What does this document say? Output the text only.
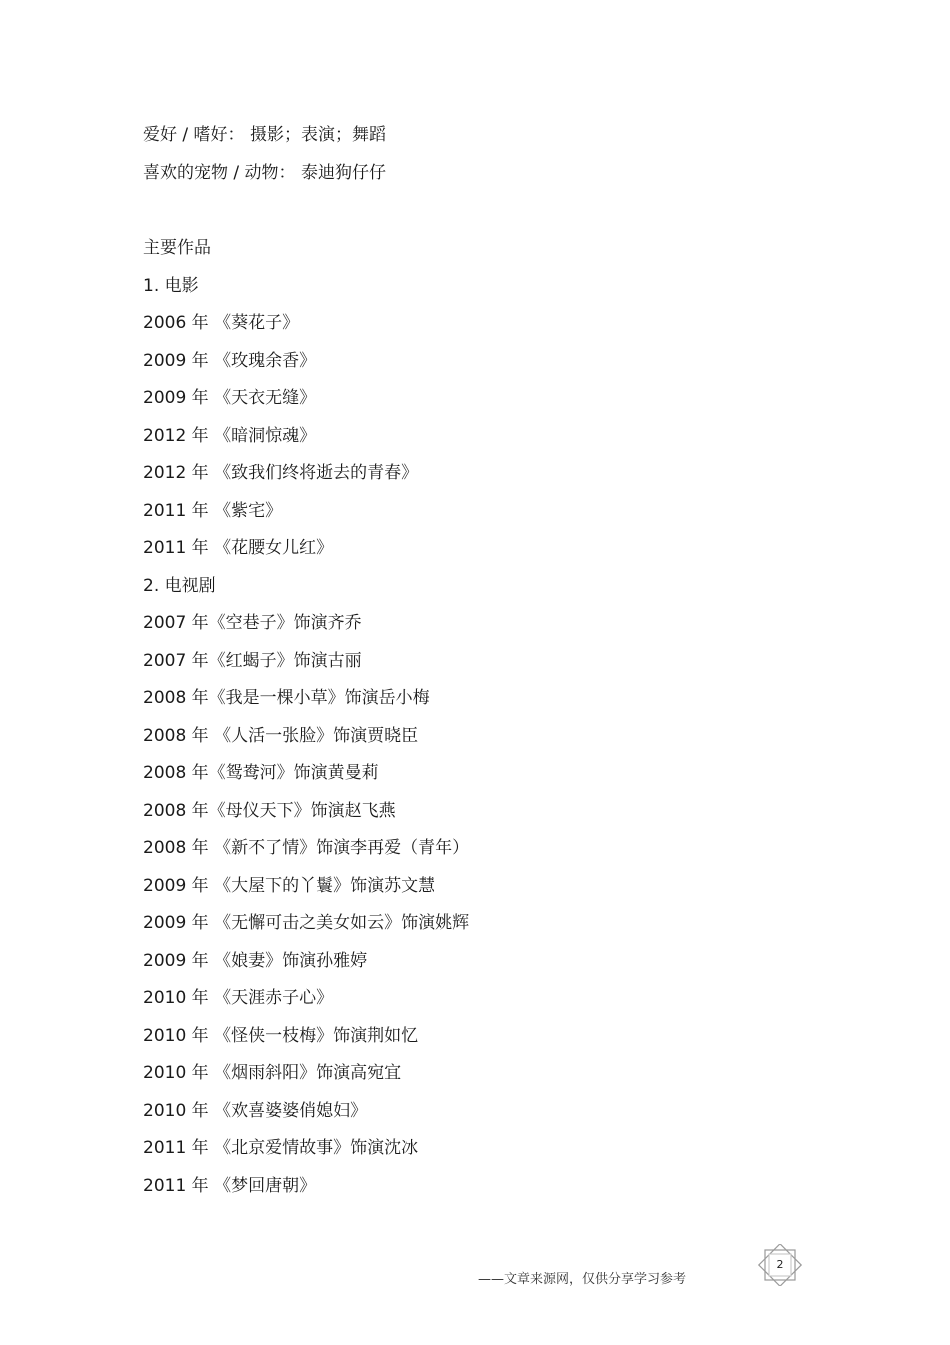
爱好 / 嗜好： 摄影；表演；舞蹈
喜欢的宠物 / 动物： 泰迪狗仔仔
主要作品
1. 电影
2006 年 《葵花子》
2009 年 《玫瑰余香》
2009 年 《天衣无缝》
2012 年 《暗洞惊魂》
2012 年 《致我们终将逝去的青春》
2011 年 《紫宅》
2011 年 《花腰女儿红》
2. 电视剧
2007 年《空巷子》饰演齐乔
2007 年《红蝎子》饰演古丽
2008 年《我是一棵小草》饰演岳小梅
2008 年 《人活一张脸》饰演贾晓臣
2008 年《鸳鸯河》饰演黄曼莉
2008 年《母仪天下》饰演赵飞燕
2008 年 《新不了情》饰演李再爱（青年）
2009 年 《大屋下的丫鬟》饰演苏文慧
2009 年 《无懈可击之美女如云》饰演姚辉
2009 年 《娘妻》饰演孙雅婷
2010 年 《天涯赤子心》
2010 年 《怪侠一枝梅》饰演荆如忆
2010 年 《烟雨斜阳》饰演高宛宜
2010 年 《欢喜婆婆俏媳妇》
2011 年 《北京爱情故事》饰演沈冰
2011 年 《梦回唐朝》
——文章来源网，仅供分享学习参考
2
